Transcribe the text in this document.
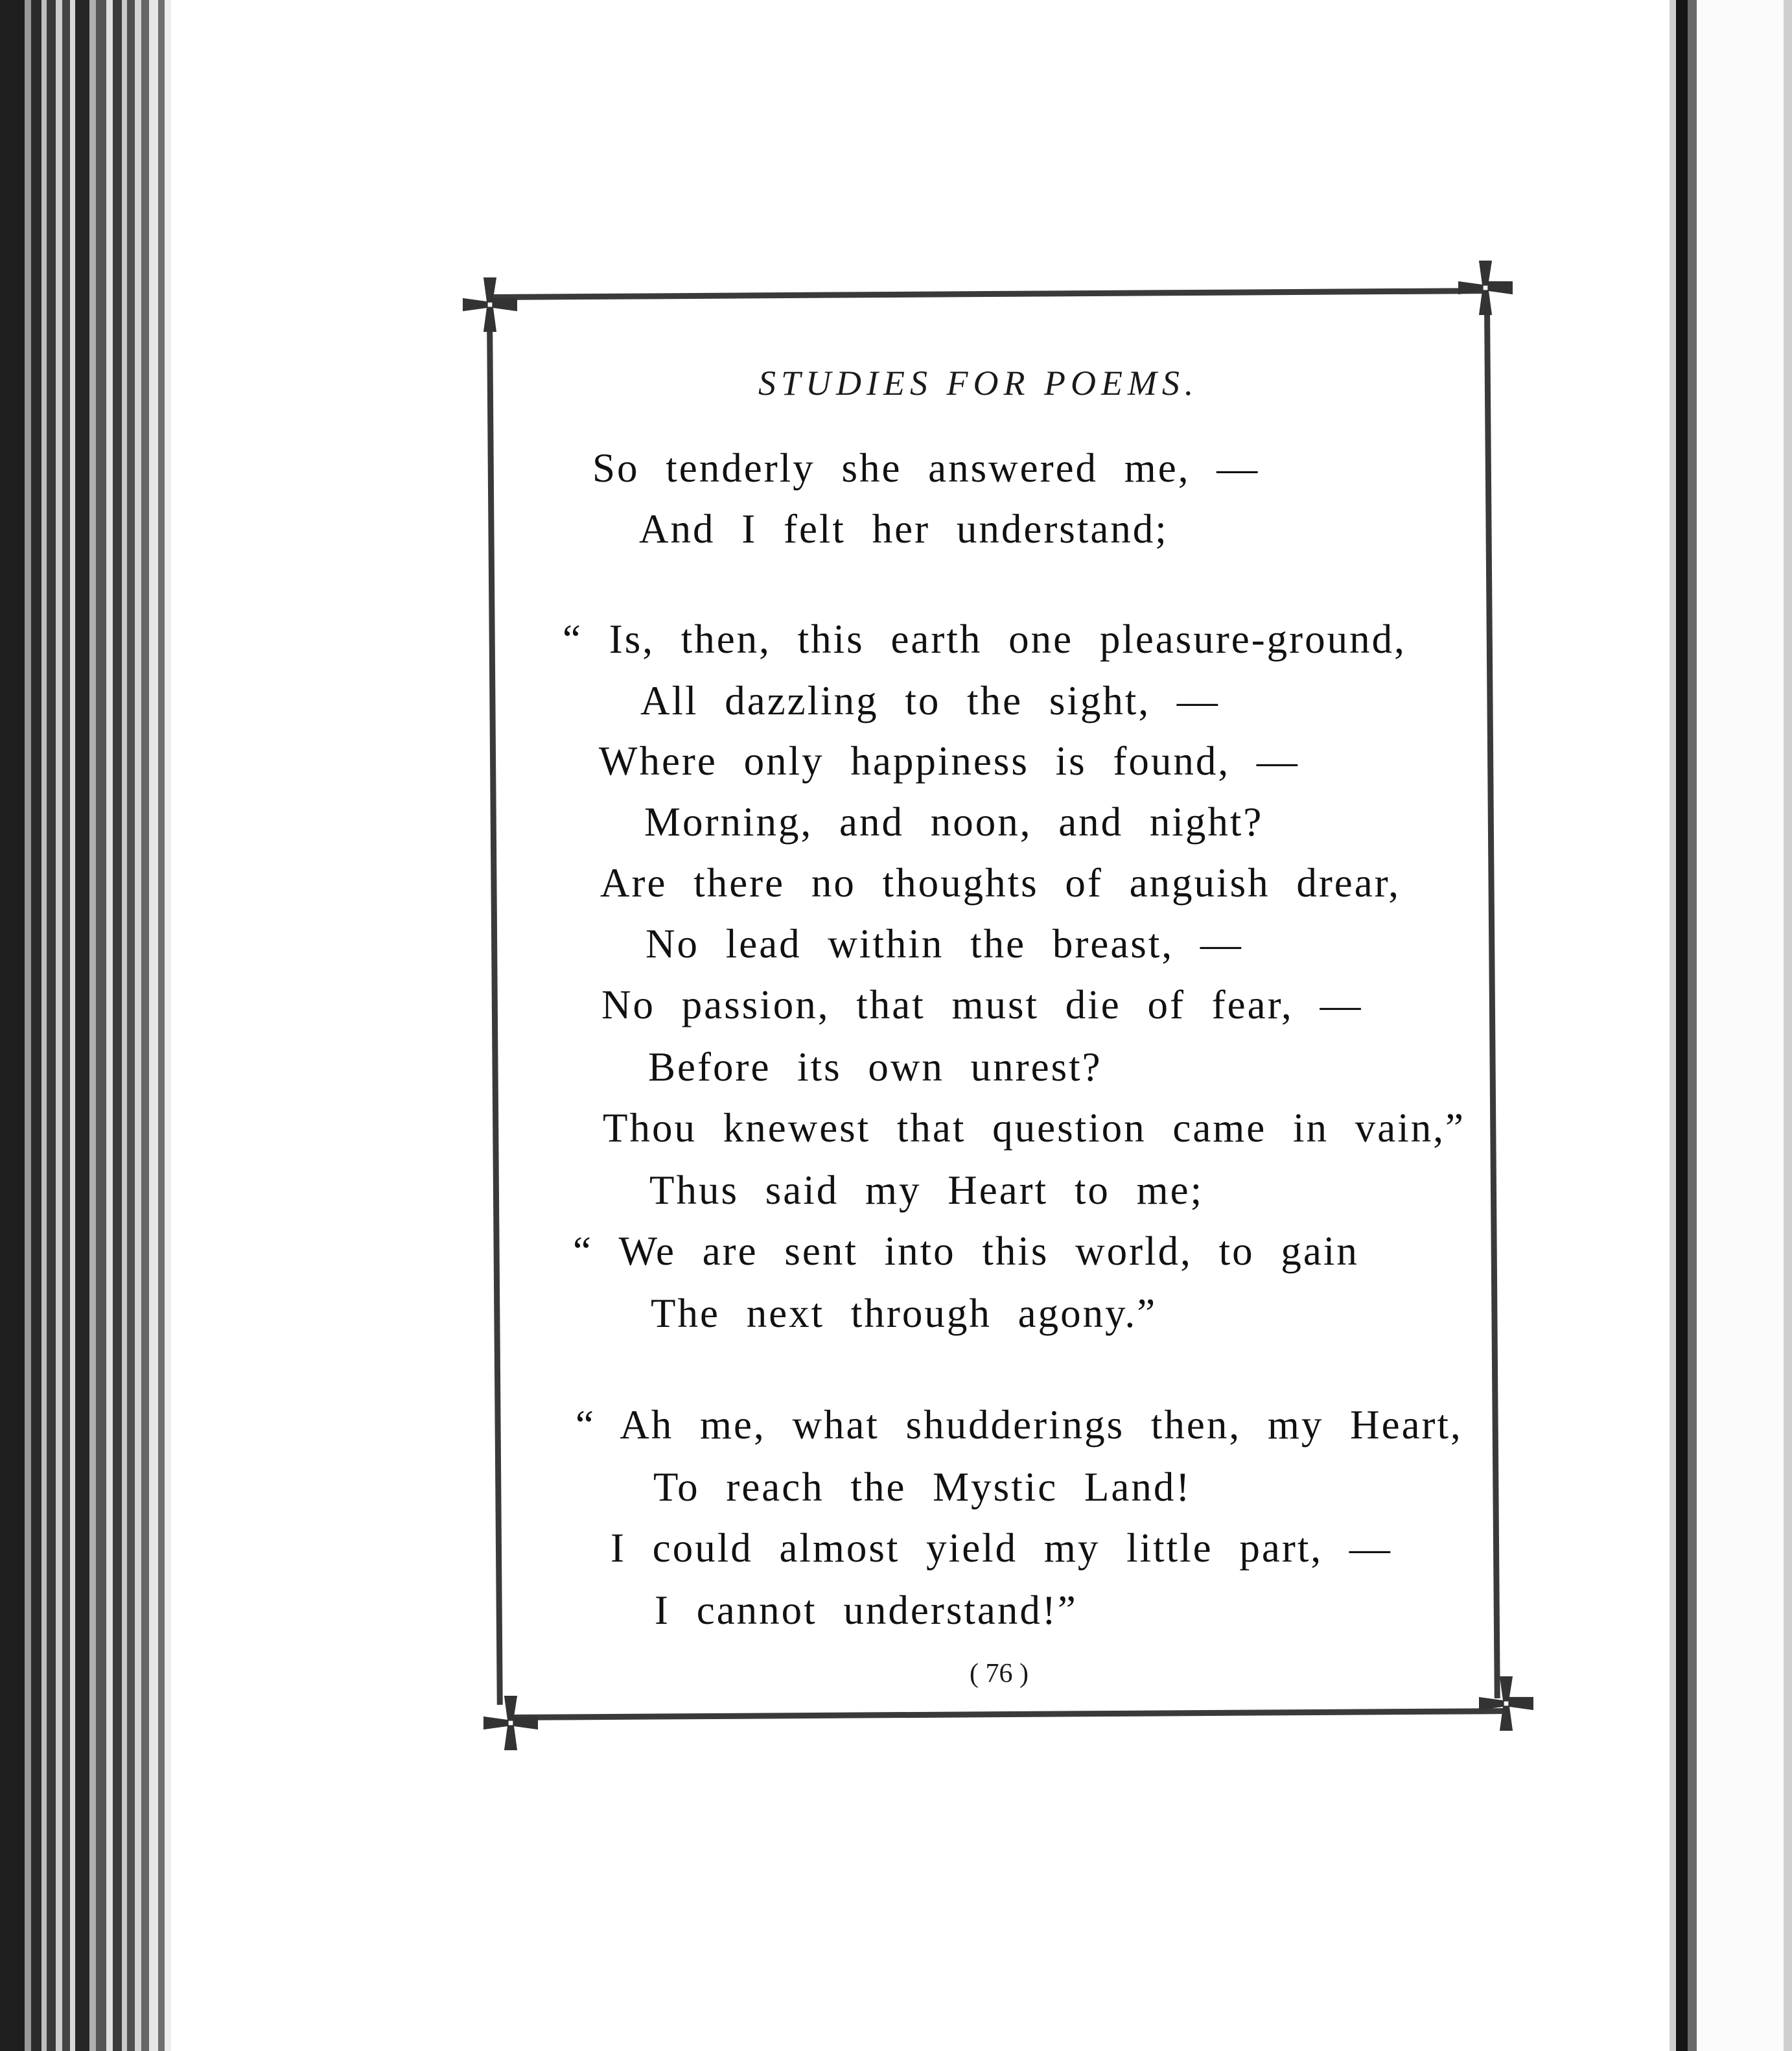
STUDIES FOR POEMS.
So tenderly she answered me, —
And I felt her understand;
“ Is, then, this earth one pleasure-ground,
All dazzling to the sight, —
Where only happiness is found, —
Morning, and noon, and night?
Are there no thoughts of anguish drear,
No lead within the breast, —
No passion, that must die of fear, —
Before its own unrest?
Thou knewest that question came in vain,”
Thus said my Heart to me;
“ We are sent into this world, to gain
The next through agony.”
“ Ah me, what shudderings then, my Heart,
To reach the Mystic Land!
I could almost yield my little part, —
I cannot understand!”
( 76 )
